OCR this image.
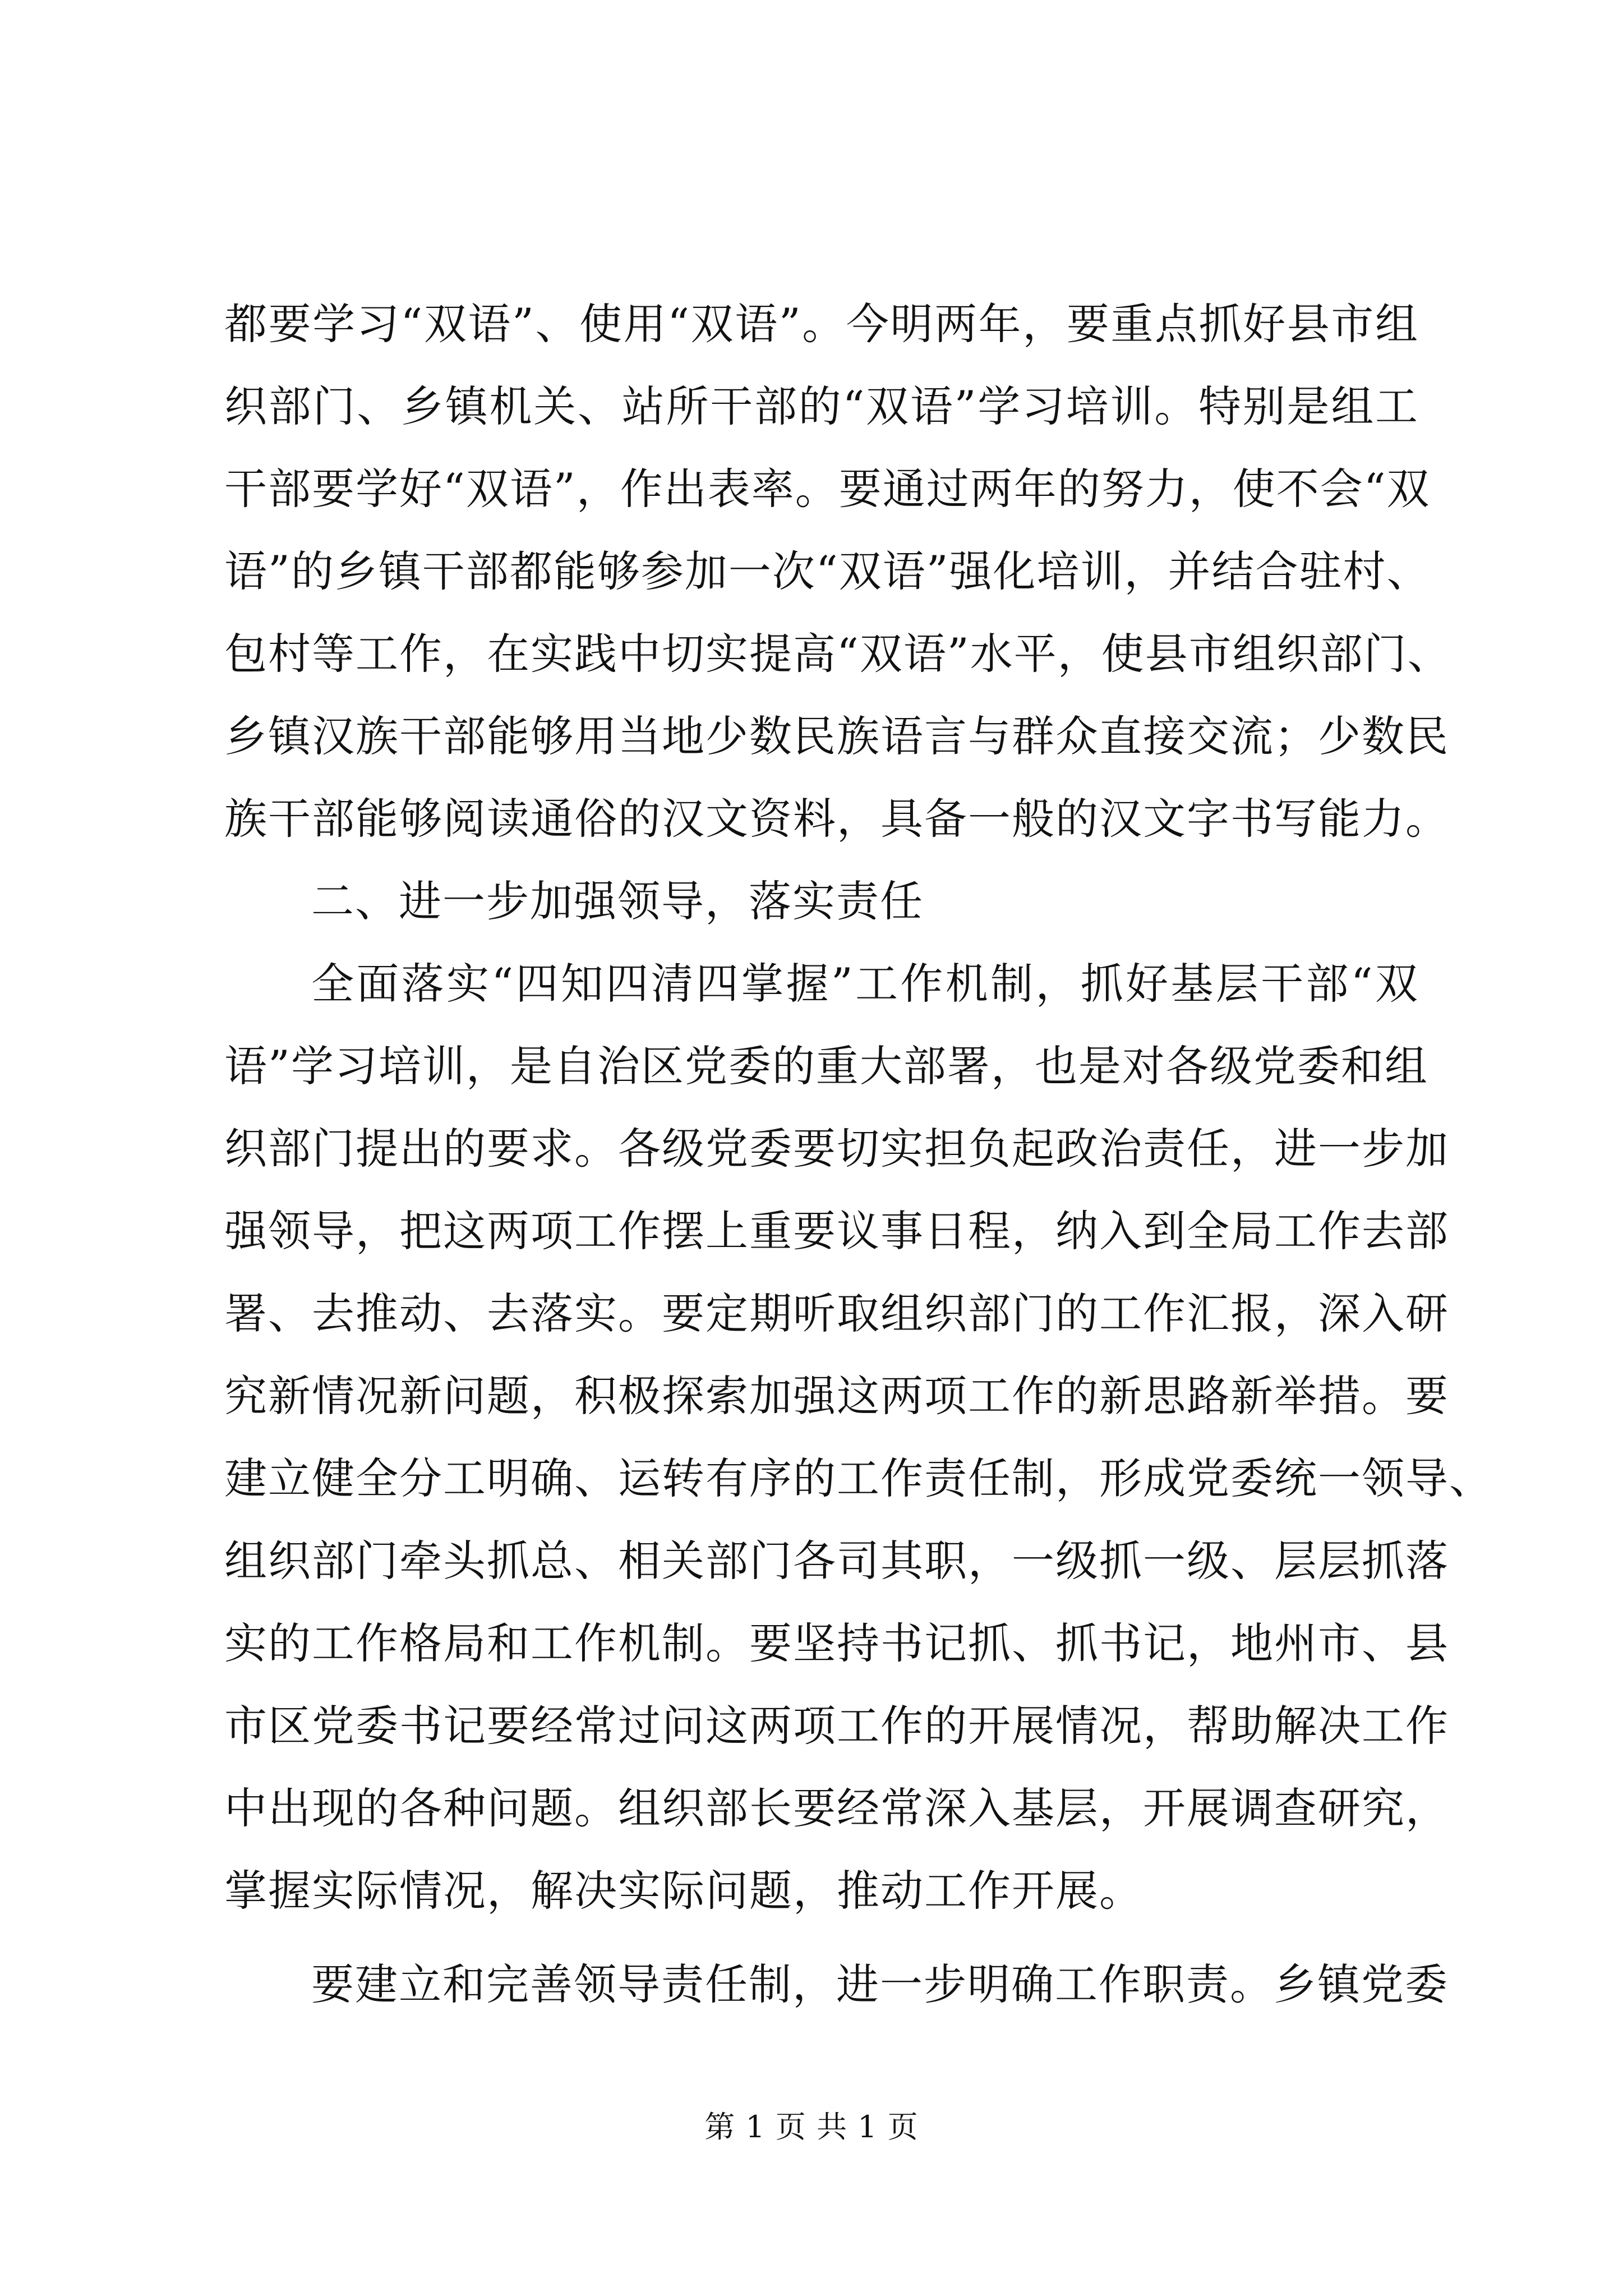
都要学习“双语”、使用“双语”。今明两年，要重点抓好县市组
织部门、乡镇机关、站所干部的“双语”学习培训。特别是组工
干部要学好“双语”，作出表率。要通过两年的努力，使不会“双
语”的乡镇干部都能够参加一次“双语”强化培训，并结合驻村、
包村等工作，在实践中切实提高“双语”水平，使县市组织部门、
乡镇汉族干部能够用当地少数民族语言与群众直接交流；少数民
族干部能够阅读通俗的汉文资料，具备一般的汉文字书写能力。
二、进一步加强领导，落实责任
全面落实“四知四清四掌握”工作机制，抓好基层干部“双
语”学习培训，是自治区党委的重大部署，也是对各级党委和组
织部门提出的要求。各级党委要切实担负起政治责任，进一步加
强领导，把这两项工作摆上重要议事日程，纳入到全局工作去部
署、去推动、去落实。要定期听取组织部门的工作汇报，深入研
究新情况新问题，积极探索加强这两项工作的新思路新举措。要
建立健全分工明确、运转有序的工作责任制，形成党委统一领导、
组织部门牵头抓总、相关部门各司其职，一级抓一级、层层抓落
实的工作格局和工作机制。要坚持书记抓、抓书记，地州市、县
市区党委书记要经常过问这两项工作的开展情况，帮助解决工作
中出现的各种问题。组织部长要经常深入基层，开展调查研究，
掌握实际情况，解决实际问题，推动工作开展。
要建立和完善领导责任制，进一步明确工作职责。乡镇党委
第 1 页 共 1 页
